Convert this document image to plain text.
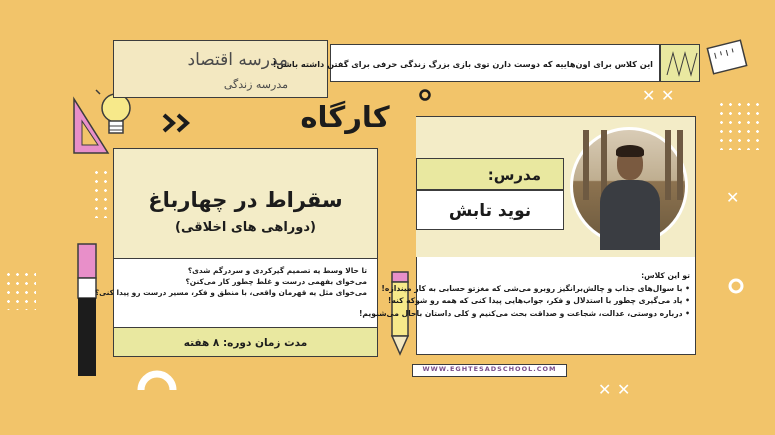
مدرسه اقتصاد
مدرسه زندگی
این کلاس برای اون‌هاییه که دوست دارن توی بازی بزرگ زندگی حرفی برای گفتن داشته باشن!
✕ ✕
✕ ✕
✕
کارگاه
سقراط در چهارباغ
(دوراهی های اخلاقی)
تا حالا وسط یه تصمیم گیرکردی و سردرگم شدی؟
می‌خوای بفهمی درست و غلط چطور کار می‌کنن؟
می‌خوای مثل یه قهرمان واقعی، با منطق و فکر، مسیر درست رو پیدا کنی؟
مدت زمان دوره: ۸ هفته
مدرس:
نوید تابش
تو این کلاس:
• با سوال‌های جذاب و چالش‌برانگیز روبرو می‌شی که مغزتو حسابی به کار میندازه!
• یاد می‌گیری چطور با استدلال و فکر، جواب‌هایی پیدا کنی که همه رو شوکه کنه!
• درباره دوستی، عدالت، شجاعت و صداقت بحث می‌کنیم و کلی داستان باحال می‌شنویم!
WWW.EGHTESADSCHOOL.COM
